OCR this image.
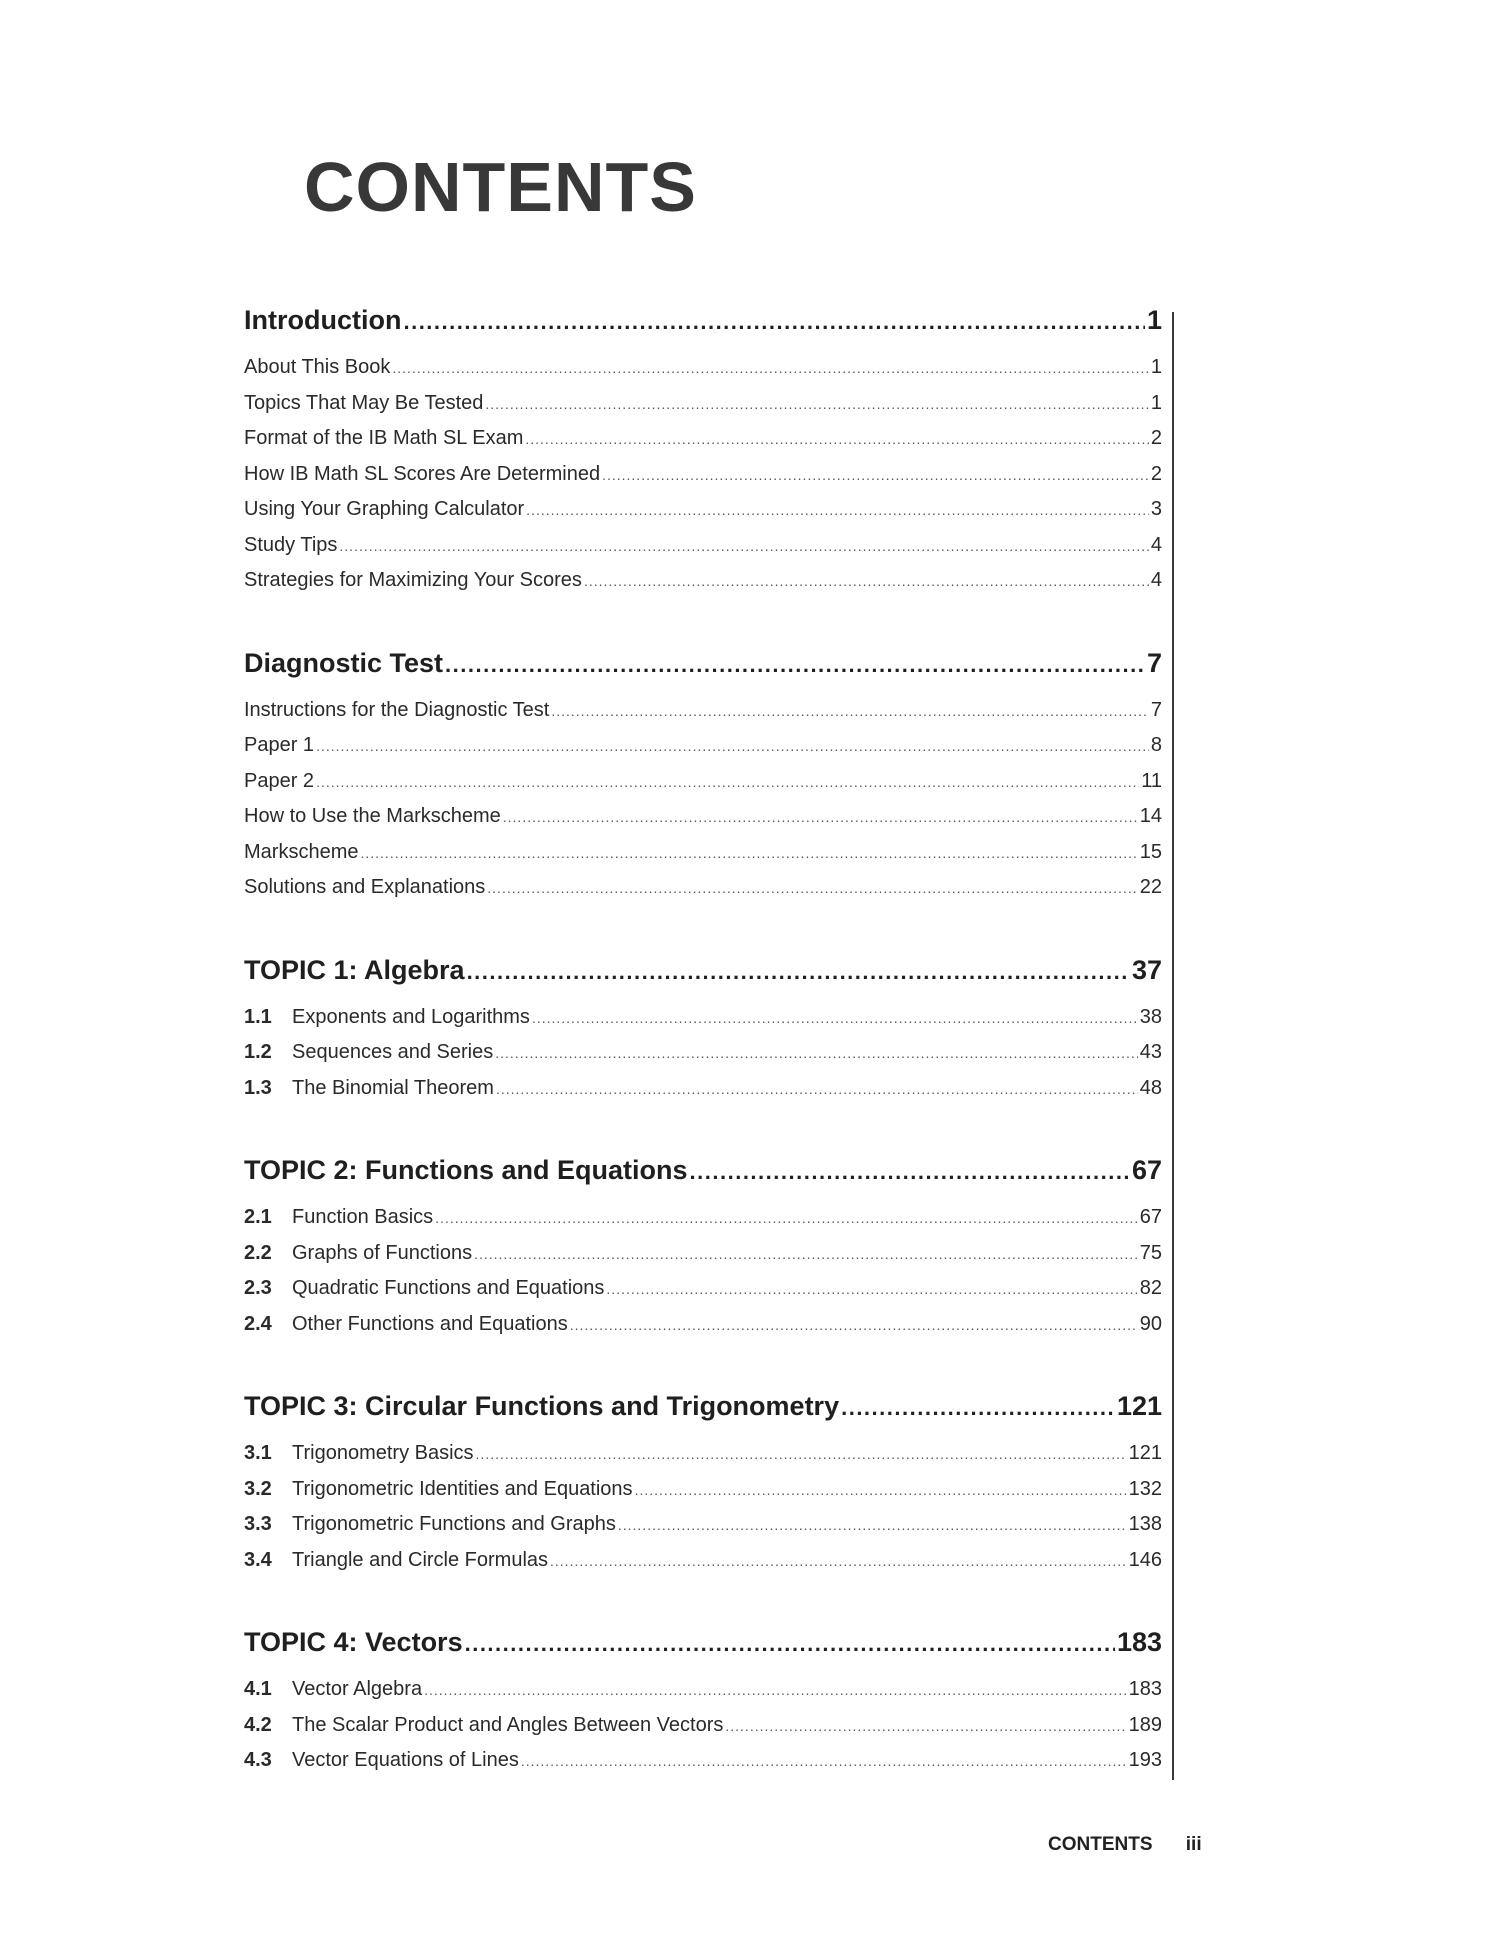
CONTENTS
Introduction .....	1
About This Book .....	1
Topics That May Be Tested .....	1
Format of the IB Math SL Exam .....	2
How IB Math SL Scores Are Determined .....	2
Using Your Graphing Calculator .....	3
Study Tips .....	4
Strategies for Maximizing Your Scores .....	4
Diagnostic Test .....	7
Instructions for the Diagnostic Test .....	7
Paper 1 .....	8
Paper 2 .....	11
How to Use the Markscheme .....	14
Markscheme .....	15
Solutions and Explanations .....	22
TOPIC 1: Algebra .....	37
1.1	Exponents and Logarithms .....	38
1.2	Sequences and Series .....	43
1.3	The Binomial Theorem .....	48
TOPIC 2: Functions and Equations .....	67
2.1	Function Basics .....	67
2.2	Graphs of Functions .....	75
2.3	Quadratic Functions and Equations .....	82
2.4	Other Functions and Equations .....	90
TOPIC 3: Circular Functions and Trigonometry .....	121
3.1	Trigonometry Basics .....	121
3.2	Trigonometric Identities and Equations .....	132
3.3	Trigonometric Functions and Graphs .....	138
3.4	Triangle and Circle Formulas .....	146
TOPIC 4: Vectors .....	183
4.1	Vector Algebra .....	183
4.2	The Scalar Product and Angles Between Vectors .....	189
4.3	Vector Equations of Lines .....	193
CONTENTS iii
